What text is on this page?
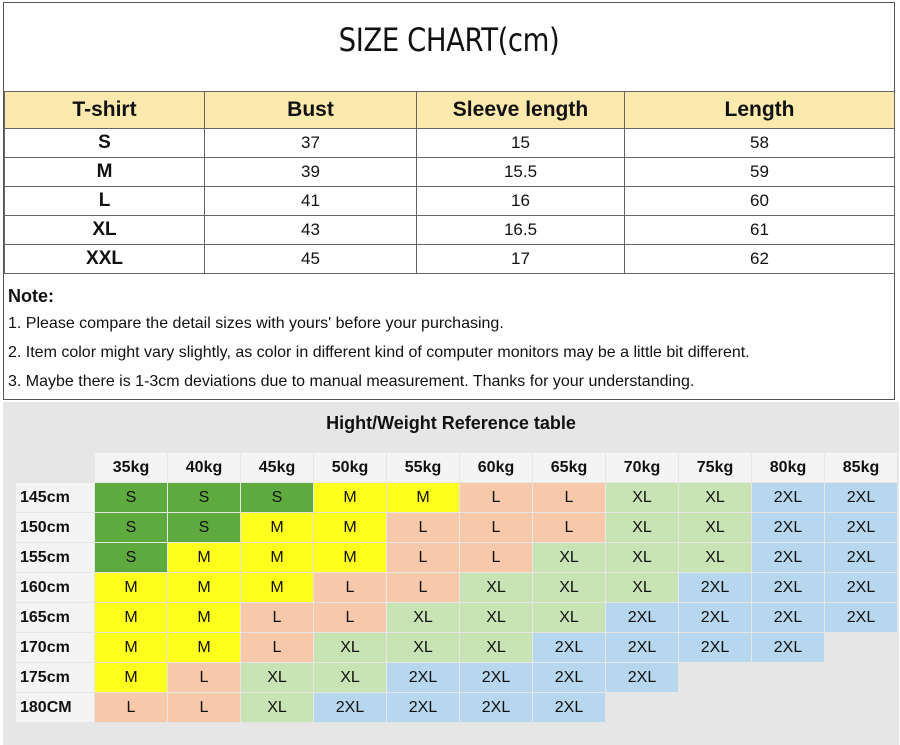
SIZE CHART(cm)
T-shirt	Bust	Sleeve length	Length
S	37	15	58
M	39	15.5	59
L	41	16	60
XL	43	16.5	61
XXL	45	17	62
Note:
1. Please compare the detail sizes with yours' before your purchasing.
2. Item color might vary slightly, as color in different kind of computer monitors may be a little bit different.
3. Maybe there is 1-3cm deviations due to manual measurement. Thanks for your understanding.
Hight/Weight Reference table
	35kg	40kg	45kg	50kg	55kg	60kg	65kg	70kg	75kg	80kg	85kg
145cm	S	S	S	M	M	L	L	XL	XL	2XL	2XL
150cm	S	S	M	M	L	L	L	XL	XL	2XL	2XL
155cm	S	M	M	M	L	L	XL	XL	XL	2XL	2XL
160cm	M	M	M	L	L	XL	XL	XL	2XL	2XL	2XL
165cm	M	M	L	L	XL	XL	XL	2XL	2XL	2XL	2XL
170cm	M	M	L	XL	XL	XL	2XL	2XL	2XL	2XL	
175cm	M	L	XL	XL	2XL	2XL	2XL	2XL			
180CM	L	L	XL	2XL	2XL	2XL	2XL				
